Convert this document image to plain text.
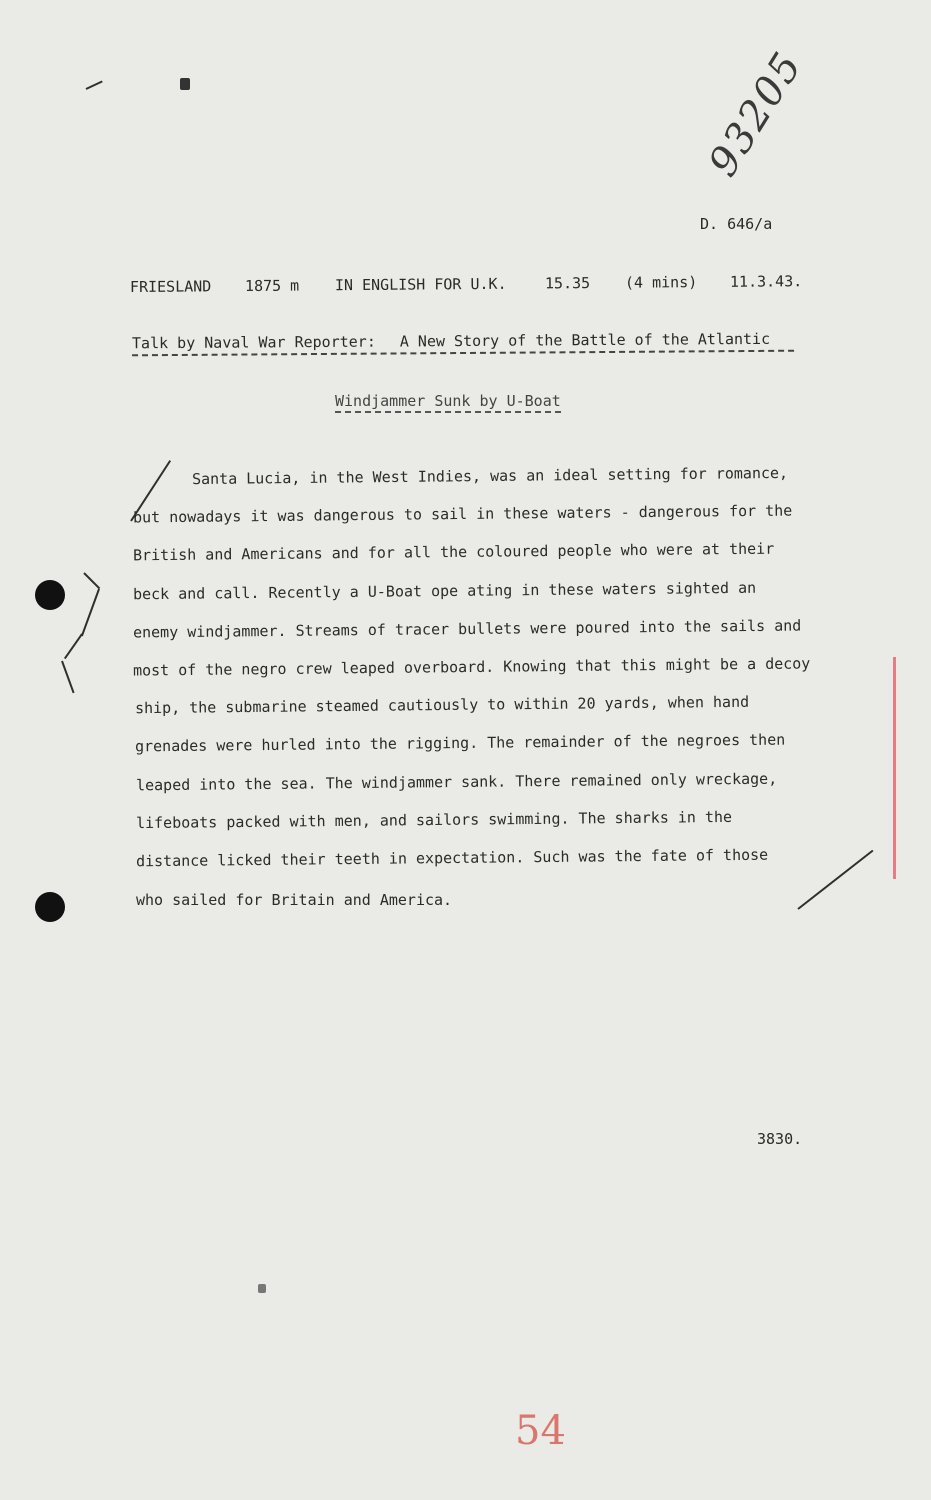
93205
D. 646/a
FRIESLAND 1875 m IN ENGLISH FOR U.K.	15.35 (4 mins) 11.3.43.
Talk by Naval War Reporter: A New Story of the Battle of the Atlantic
Windjammer Sunk by U-Boat
Santa Lucia, in the West Indies, was an ideal setting for romance,
but nowadays it was dangerous to sail in these waters - dangerous for the
British and Americans and for all the coloured people who were at their
beck and call. Recently a U-Boat ope ating in these waters sighted an
enemy windjammer. Streams of tracer bullets were poured into the sails and
most of the negro crew leaped overboard. Knowing that this might be a decoy
ship, the submarine steamed cautiously to within 20 yards, when hand
grenades were hurled into the rigging. The remainder of the negroes then
leaped into the sea. The windjammer sank. There remained only wreckage,
lifeboats packed with men, and sailors swimming. The sharks in the
distance licked their teeth in expectation. Such was the fate of those
who sailed for Britain and America.
3830.
54
